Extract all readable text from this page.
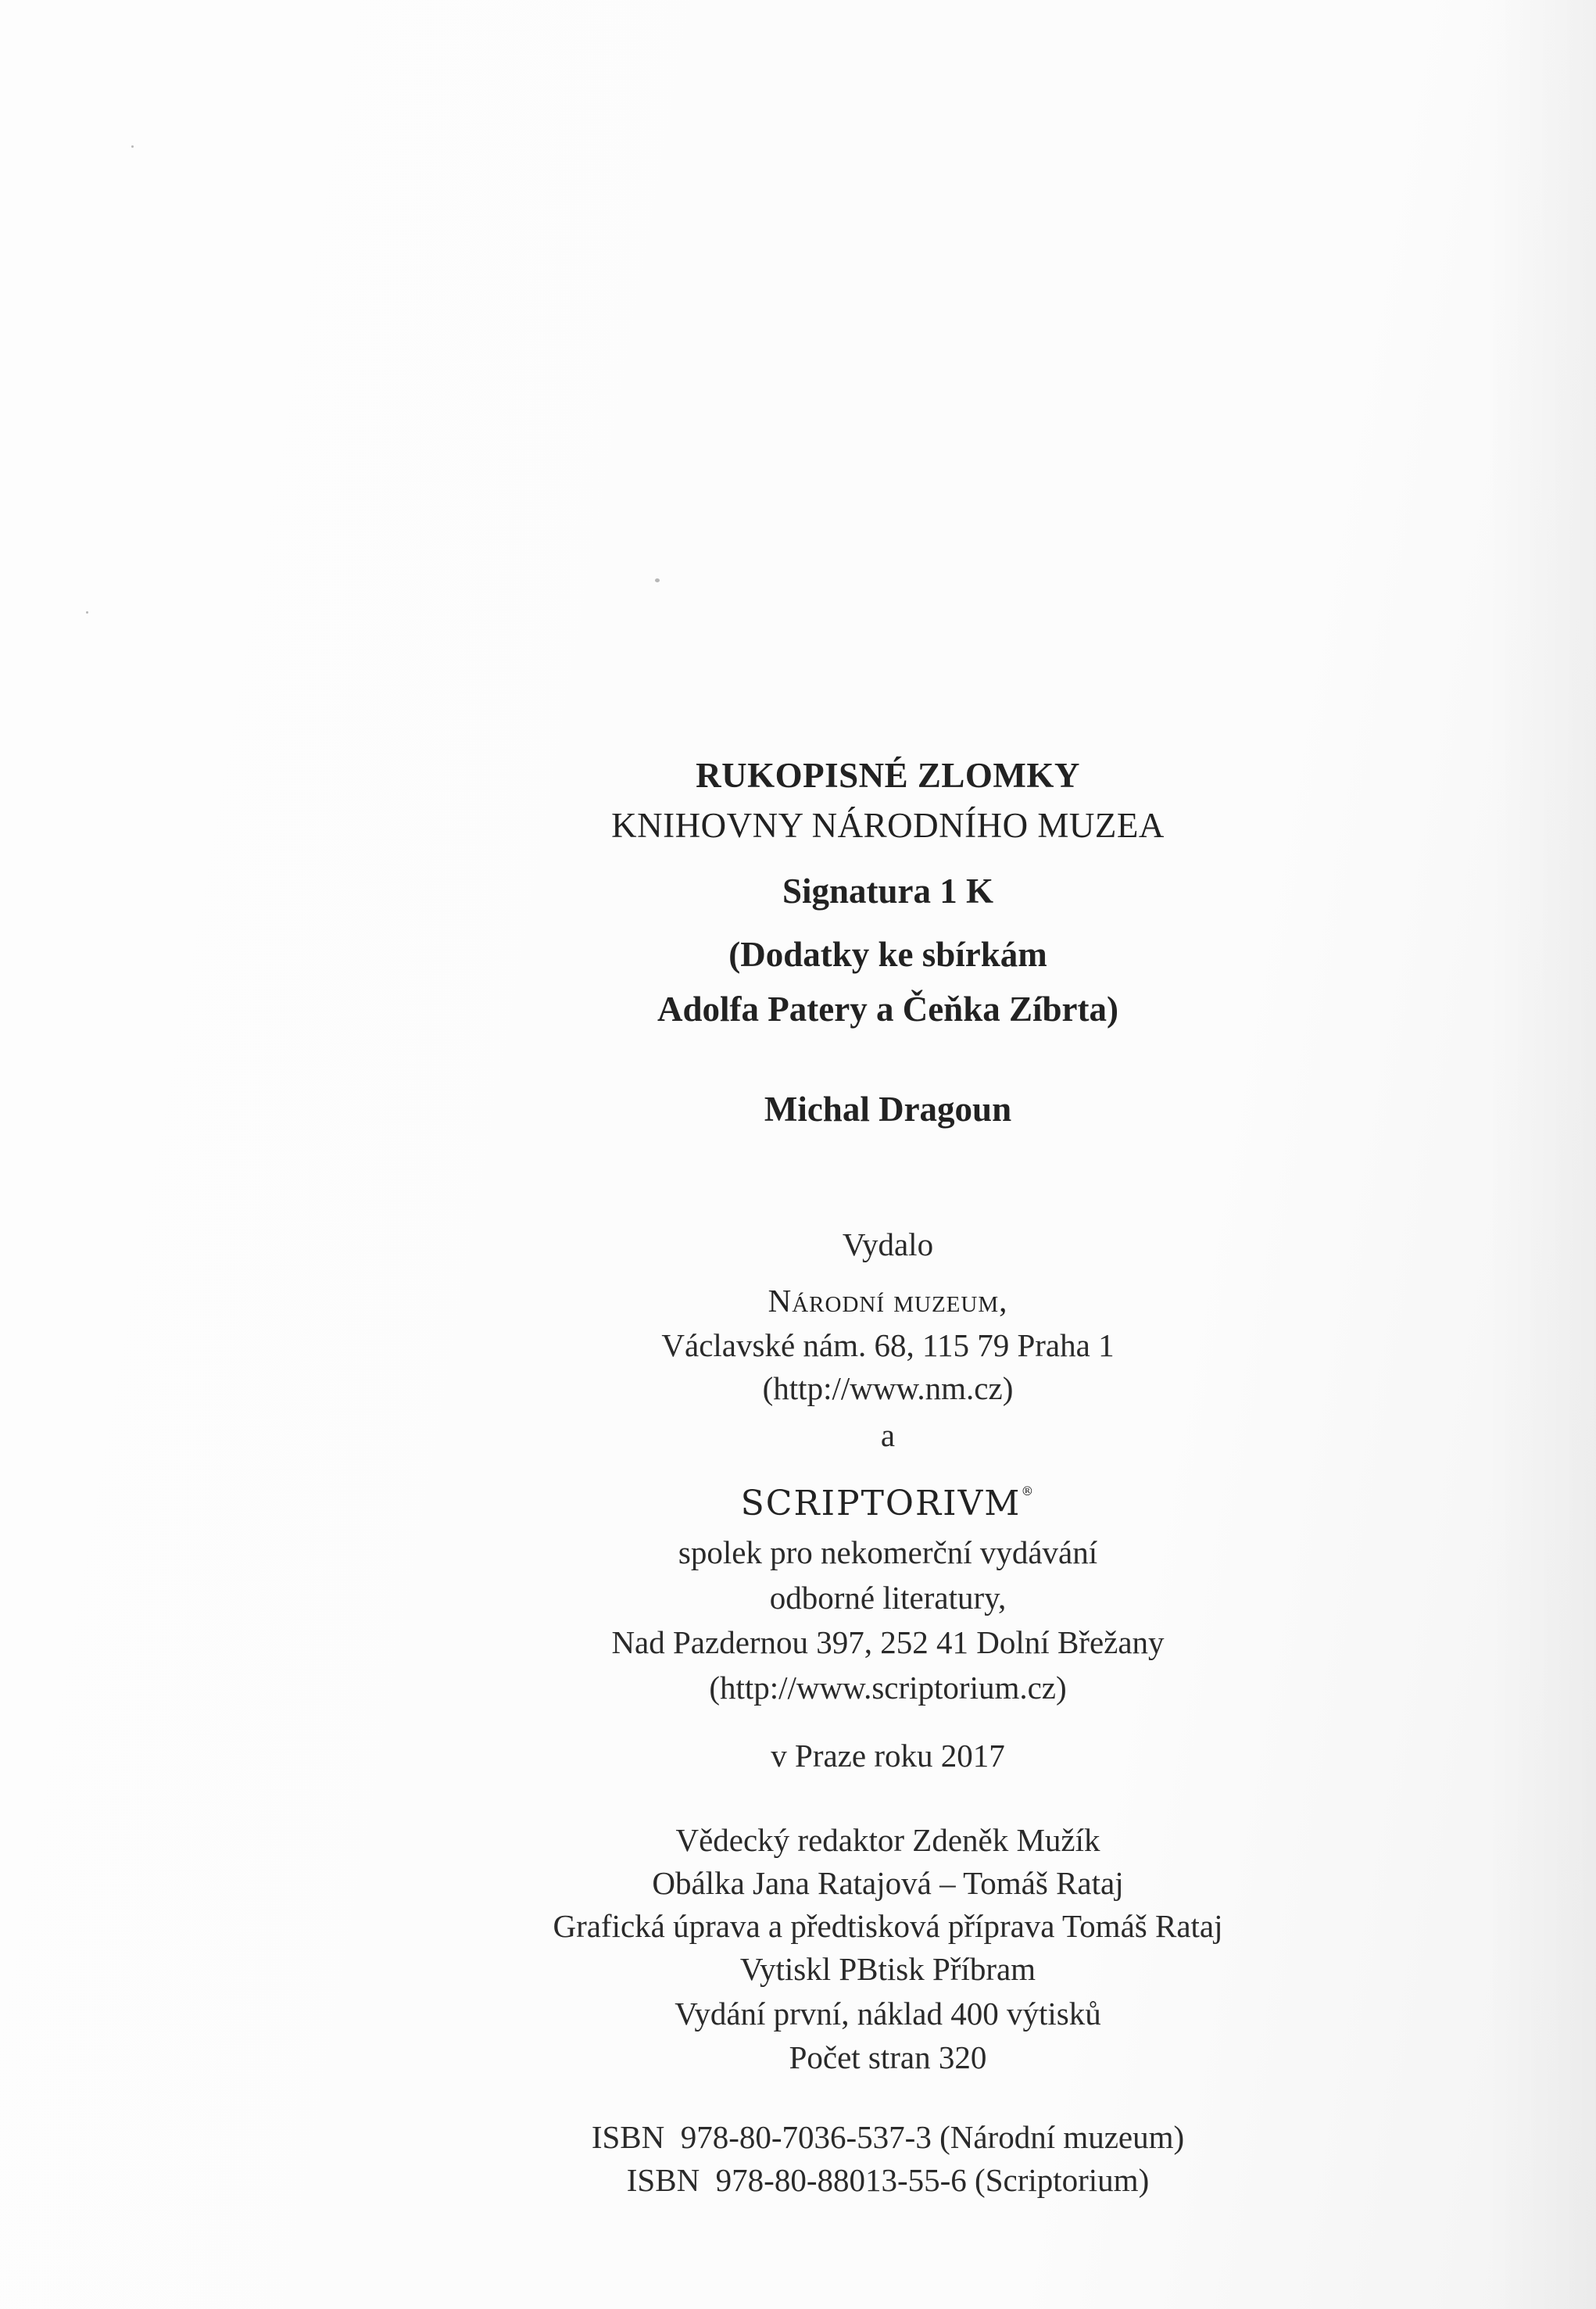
RUKOPISNÉ ZLOMKY
KNIHOVNY NÁRODNÍHO MUZEA
Signatura 1 K
(Dodatky ke sbírkám
Adolfa Patery a Čeňka Zíbrta)
Michal Dragoun
Vydalo
Národní muzeum,
Václavské nám. 68, 115 79 Praha 1
(http://www.nm.cz)
a
SCRIPTORIVM®
spolek pro nekomerční vydávání
odborné literatury,
Nad Pazdernou 397, 252 41 Dolní Břežany
(http://www.scriptorium.cz)
v Praze roku 2017
Vědecký redaktor Zdeněk Mužík
Obálka Jana Ratajová – Tomáš Rataj
Grafická úprava a předtisková příprava Tomáš Rataj
Vytiskl PBtisk Příbram
Vydání první, náklad 400 výtisků
Počet stran 320
ISBN  978-80-7036-537-3 (Národní muzeum)
ISBN  978-80-88013-55-6 (Scriptorium)
